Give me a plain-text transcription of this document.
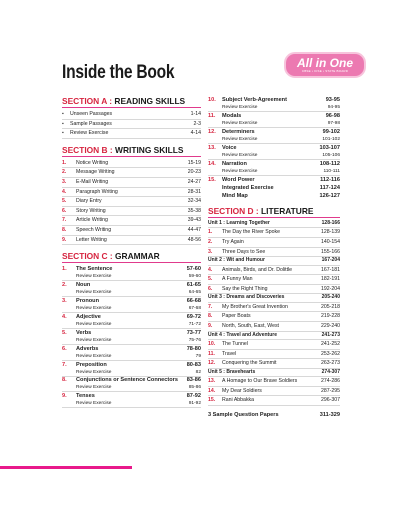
Inside the Book	All in One
CBSE • ICSE • STATE BOARD
SECTION A : READING SKILLS
▪	Unseen Passages	1-14
▪	Sample Passages	2-3
▪	Review Exercise	4-14
SECTION B : WRITING SKILLS
1.	Notice Writing	15-19
2.	Message Writing	20-23
3.	E-Mail Writing	24-27
4.	Paragraph Writing	28-31
5.	Diary Entry	32-34
6.	Story Writing	35-38
7.	Article Writing	39-43
8.	Speech Writing	44-47
9.	Letter Writing	48-56
SECTION C : GRAMMAR
1.	The Sentence	57-60
Review Exercise	59-60
2.	Noun	61-65
Review Exercise	64-65
3.	Pronoun	66-68
Review Exercise	67-68
4.	Adjective	69-72
Review Exercise	71-72
5.	Verbs	73-77
Review Exercise	75-76
6.	Adverbs	78-80
Review Exercise	79
7.	Preposition	80-83
Review Exercise	82
8.	Conjunctions or Sentence Connectors	83-86
Review Exercise	85-86
9.	Tenses	87-92
Review Exercise	91-92
10.	Subject Verb-Agreement	93-95
Review Exercise	94-95
11.	Modals	96-98
Review Exercise	97-98
12.	Determiners	99-102
Review Exercise	101-102
13.	Voice	103-107
Review Exercise	105-106
14.	Narration	108-112
Review Exercise	110-111
15.	Word Power	112-116
Integrated Exercise	117-124
Mind Map	126-127
SECTION D : LITERATURE
Unit 1 : Learning Together	128-166
1.	The Day the River Spoke	128-139
2.	Try Again	140-154
3.	Three Days to See	155-166
Unit 2 : Wit and Humour	167-204
4.	Animals, Birds, and Dr. Dolittle	167-181
5.	A Funny Man	182-191
6.	Say the Right Thing	192-204
Unit 3 : Dreams and Discoveries	205-240
7.	My Brother's Great Invention	205-218
8.	Paper Boats	219-228
9.	North, South, East, West	229-240
Unit 4 : Travel and Adventure	241-273
10.	The Tunnel	241-252
11.	Travel	253-262
12.	Conquering the Summit	263-273
Unit 5 : Bravehearts	274-307
13.	A Homage to Our Brave Soldiers	274-286
14.	My Dear Soldiers	287-295
15.	Rani Abbakka	296-307
3 Sample Question Papers	311-329
